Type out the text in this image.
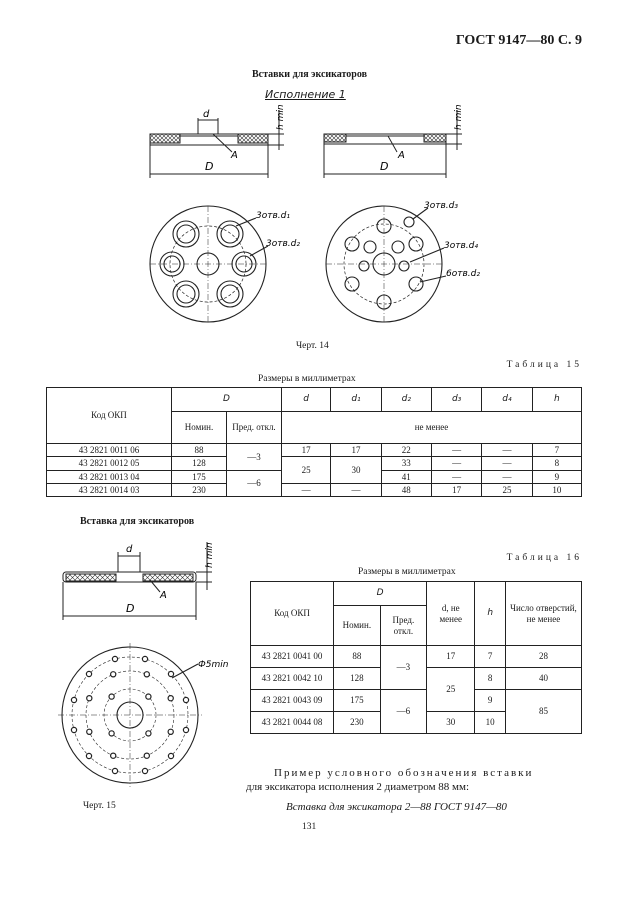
ГОСТ 9147—80 С. 9
Вставки для эксикаторов
Исполнение 1
d
D
A
h min
D
A
h min
3отв.d₁
3отв.d₂
3отв.d₃
3отв.d₄
6отв.d₂
Черт. 14
Таблица 15
Размеры в миллиметрах
Код ОКП	D		d	d₁	d₂	d₃	d₄	h
	Номин.	Пред. откл.	не менее					
43 2821 0011 06	88	—3	17	17	22	—	—	7
43 2821 0012 05	128		25	30	33	—	—	8
43 2821 0013 04	175	—6			41	—	—	9
43 2821 0014 03	230		—	—	48	17	25	10
Вставка для эксикаторов
d
D
A
h min
Ф5min
Черт. 15
Таблица 16
Размеры в миллиметрах
Код ОКП	D		d, не менее	h	Число отверстий, не менее
	Номин.	Пред. откл.			
43 2821 0041 00	88	—3	17	7	28
43 2821 0042 10	128		25	8	40
43 2821 0043 09	175	—6		9	85
43 2821 0044 08	230		30	10	
Пример условного обозначения вставки
для эксикатора исполнения 2 диаметром 88 мм:
Вставка для эксикатора 2—88 ГОСТ 9147—80
131
